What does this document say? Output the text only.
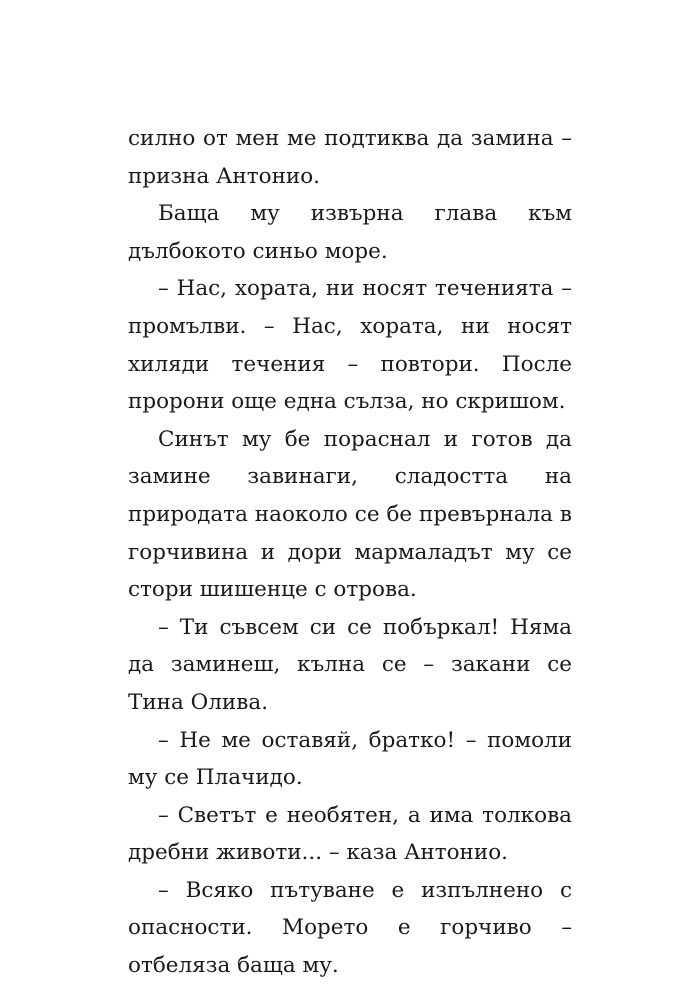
силно от мен ме подтиква да замина – призна Антонио.

Баща му извърна глава към дълбокото синьо море.

– Нас, хората, ни носят теченията – промълви. – Нас, хората, ни носят хиляди течения – повтори. После пророни още една сълза, но скришом.

Синът му бе пораснал и готов да замине завинаги, сладостта на природата наоколо се бе превърнала в горчивина и дори мармаладът му се стори шишенце с отрова.

– Ти съвсем си се побъркал! Няма да заминеш, кълна се – закани се Тина Олива.

– Не ме оставяй, братко! – помоли му се Плачидо.

– Светът е необятен, а има толкова дребни животи... – каза Антонио.

– Всяко пътуване е изпълнено с опасности. Морето е горчиво – отбеляза баща му.
